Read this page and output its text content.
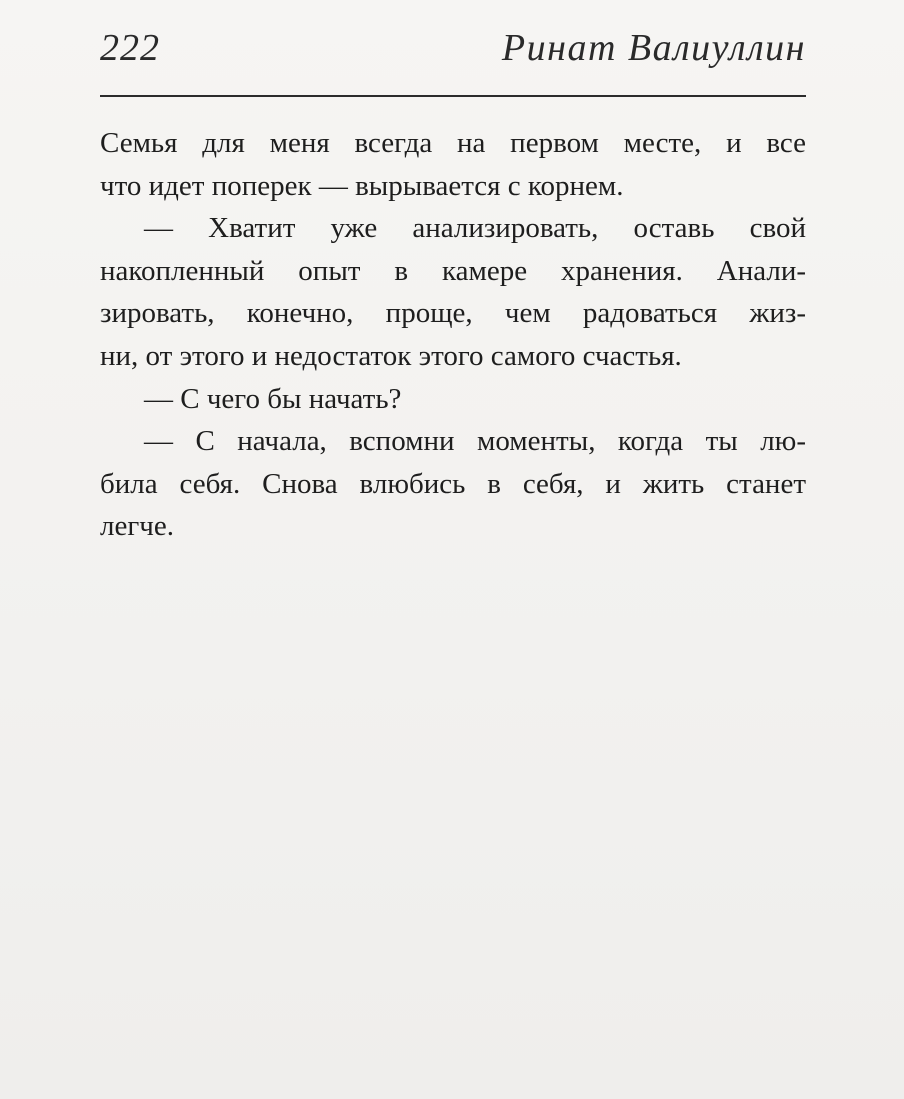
222	Ринат Валиуллин
Семья для меня всегда на первом месте, и все
что идет поперек — вырывается с корнем.
— Хватит уже анализировать, оставь свой
накопленный опыт в камере хранения. Анали-
зировать, конечно, проще, чем радоваться жиз-
ни, от этого и недостаток этого самого счастья.
— С чего бы начать?
— С начала, вспомни моменты, когда ты лю-
била себя. Снова влюбись в себя, и жить станет
легче.
